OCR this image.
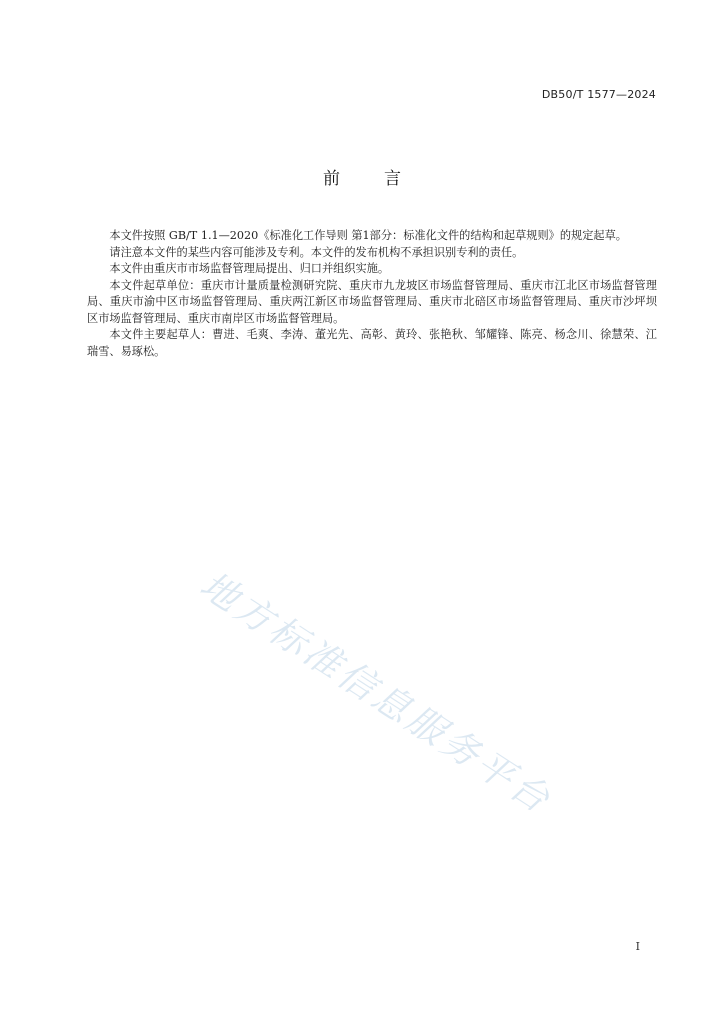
DB50/T 1577—2024
前	言

本文件按照 GB/T 1.1—2020《标准化工作导则 第1部分：标准化文件的结构和起草规则》的规定起草。

请注意本文件的某些内容可能涉及专利。本文件的发布机构不承担识别专利的责任。

本文件由重庆市市场监督管理局提出、归口并组织实施。

本文件起草单位：重庆市计量质量检测研究院、重庆市九龙坡区市场监督管理局、重庆市江北区市场监督管理局、重庆市渝中区市场监督管理局、重庆两江新区市场监督管理局、重庆市北碚区市场监督管理局、重庆市沙坪坝区市场监督管理局、重庆市南岸区市场监督管理局。

本文件主要起草人：曹进、毛爽、李涛、董光先、高彰、黄玲、张艳秋、邹耀锋、陈亮、杨念川、徐慧荣、江瑞雪、易琢松。

地方标准信息服务平台
I
